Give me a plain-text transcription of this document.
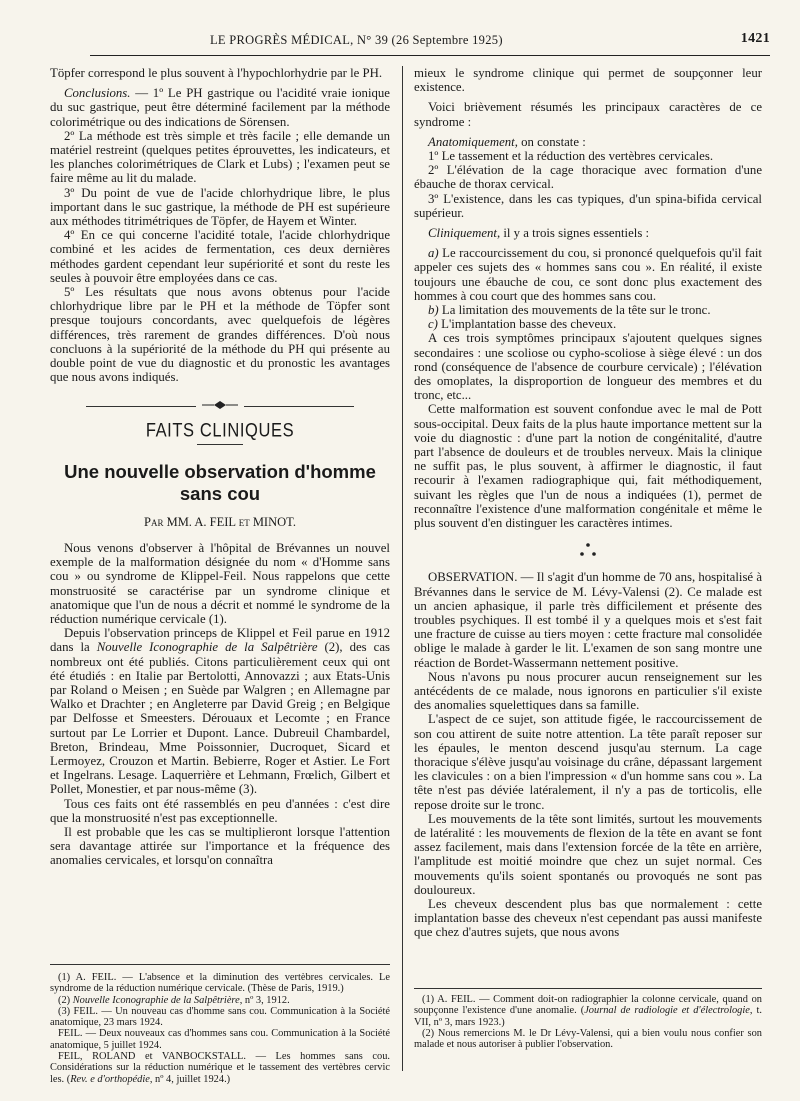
LE PROGRÈS MÉDICAL, N° 39 (26 Septembre 1925)	1421

Töpfer correspond le plus souvent à l'hypochlorhydrie par le PH.

Conclusions. — 1º Le PH gastrique ou l'acidité vraie ionique du suc gastrique, peut être déterminé facilement par la méthode colorimétrique ou des indications de Sörensen.

2º La méthode est très simple et très facile ; elle demande un matériel restreint (quelques petites éprouvettes, les indicateurs, et les planches colorimétriques de Clark et Lubs) ; l'examen peut se faire même au lit du malade.

3º Du point de vue de l'acide chlorhydrique libre, le plus important dans le suc gastrique, la méthode de PH est supérieure aux méthodes titrimétriques de Töpfer, de Hayem et Winter.

4º En ce qui concerne l'acidité totale, l'acide chlorhydrique combiné et les acides de fermentation, ces deux dernières méthodes gardent cependant leur supériorité et sont du reste les seules à pouvoir être employées dans ce cas.

5º Les résultats que nous avons obtenus pour l'acide chlorhydrique libre par le PH et la méthode de Töpfer sont presque toujours concordants, avec quelquefois de légères différences, très rarement de grandes différences. D'où nous concluons à la supériorité de la méthode du PH qui présente au double point de vue du diagnostic et du pronostic les avantages que nous avons indiqués.

FAITS CLINIQUES
Une nouvelle observation d'homme sans cou
Par MM. A. FEIL et MINOT.

Nous venons d'observer à l'hôpital de Brévannes un nouvel exemple de la malformation désignée du nom « d'Homme sans cou » ou syndrome de Klippel-Feil. Nous rappelons que cette monstruosité se caractérise par un syndrome clinique et anatomique que l'un de nous a décrit et nommé le syndrome de la réduction numérique cervicale (1).

Depuis l'observation princeps de Klippel et Feil parue en 1912 dans la Nouvelle Iconographie de la Salpêtrière (2), des cas nombreux ont été publiés. Citons particulièrement ceux qui ont été étudiés : en Italie par Bertolotti, Annovazzi ; aux Etats-Unis par Roland o Meisen ; en Suède par Walgren ; en Allemagne par Walko et Drachter ; en Angleterre par David Greig ; en Belgique par Delfosse et Smeesters. Dérouaux et Lecomte ; en France surtout par Le Lorrier et Dupont. Lance. Dubreuil Chambardel, Breton, Brindeau, Mme Poissonnier, Ducroquet, Sicard et Lermoyez, Crouzon et Martin. Bebierre, Roger et Astier. Le Fort et Ingelrans. Lesage. Laquerrière et Lehmann, Frœlich, Gilbert et Pollet, Monestier, et par nous-même (3).

Tous ces faits ont été rassemblés en peu d'années : c'est dire que la monstruosité n'est pas exceptionnelle.

Il est probable que les cas se multiplieront lorsque l'attention sera davantage attirée sur l'importance et la fréquence des anomalies cervicales, et lorsqu'on connaîtra

(1) A. FEIL. — L'absence et la diminution des vertèbres cervicales. Le syndrome de la réduction numérique cervicale. (Thèse de Paris, 1919.)

(2) Nouvelle Iconographie de la Salpêtrière, nº 3, 1912.

(3) FEIL. — Un nouveau cas d'homme sans cou. Communication à la Société anatomique, 23 mars 1924.

FEIL. — Deux nouveaux cas d'hommes sans cou. Communication à la Société anatomique, 5 juillet 1924.

FEIL, ROLAND et VANBOCKSTALL. — Les hommes sans cou. Considérations sur la réduction numérique et le tassement des vertèbres cervic les. (Rev. e d'orthopédie, nº 4, juillet 1924.)

mieux le syndrome clinique qui permet de soupçonner leur existence.

Voici brièvement résumés les principaux caractères de ce syndrome :

Anatomiquement, on constate :

1º Le tassement et la réduction des vertèbres cervicales.

2º L'élévation de la cage thoracique avec formation d'une ébauche de thorax cervical.

3º L'existence, dans les cas typiques, d'un spina-bifida cervical supérieur.

Cliniquement, il y a trois signes essentiels :

a) Le raccourcissement du cou, si prononcé quelquefois qu'il fait appeler ces sujets des « hommes sans cou ». En réalité, il existe toujours une ébauche de cou, ce sont donc plus exactement des hommes à cou court que des hommes sans cou.

b) La limitation des mouvements de la tête sur le tronc.

c) L'implantation basse des cheveux.

A ces trois symptômes principaux s'ajoutent quelques signes secondaires : une scoliose ou cypho-scoliose à siège élevé : un dos rond (conséquence de l'absence de courbure cervicale) ; l'élévation des omoplates, la disproportion de longueur des membres et du tronc, etc...

Cette malformation est souvent confondue avec le mal de Pott sous-occipital. Deux faits de la plus haute importance mettent sur la voie du diagnostic : d'une part la notion de congénitalité, d'autre part l'absence de douleurs et de troubles nerveux. Mais la clinique ne suffit pas, le plus souvent, à affirmer le diagnostic, il faut recourir à l'examen radiographique qui, fait méthodiquement, suivant les règles que l'un de nous a indiquées (1), permet de reconnaître l'existence d'une malformation congénitale et même le plus souvent d'en distinguer les caractères intimes.

OBSERVATION. — Il s'agit d'un homme de 70 ans, hospitalisé à Brévannes dans le service de M. Lévy-Valensi (2). Ce malade est un ancien aphasique, il parle très difficilement et présente des troubles psychiques. Il est tombé il y a quelques mois et s'est fait une fracture de cuisse au tiers moyen : cette fracture mal consolidée oblige le malade à garder le lit. L'examen de son sang montre une réaction de Bordet-Wassermann nettement positive.

Nous n'avons pu nous procurer aucun renseignement sur les antécédents de ce malade, nous ignorons en particulier s'il existe des anomalies squelettiques dans sa famille.

L'aspect de ce sujet, son attitude figée, le raccourcissement de son cou attirent de suite notre attention. La tête paraît reposer sur les épaules, le menton descend jusqu'au sternum. La cage thoracique s'élève jusqu'au voisinage du crâne, dépassant largement les clavicules : on a bien l'impression « d'un homme sans cou ». La tête n'est pas déviée latéralement, il n'y a pas de torticolis, elle repose droite sur le tronc.

Les mouvements de la tête sont limités, surtout les mouvements de latéralité : les mouvements de flexion de la tête en avant se font assez facilement, mais dans l'extension forcée de la tête en arrière, l'amplitude est moitié moindre que chez un sujet normal. Ces mouvements qu'ils soient spontanés ou provoqués ne sont pas douloureux.

Les cheveux descendent plus bas que normalement : cette implantation basse des cheveux n'est cependant pas aussi manifeste que chez d'autres sujets, que nous avons

(1) A. FEIL. — Comment doit-on radiographier la colonne cervicale, quand on soupçonne l'existence d'une anomalie. (Journal de radiologie et d'électrologie, t. VII, nº 3, mars 1923.)

(2) Nous remercions M. le Dr Lévy-Valensi, qui a bien voulu nous confier son malade et nous autoriser à publier l'observation.
